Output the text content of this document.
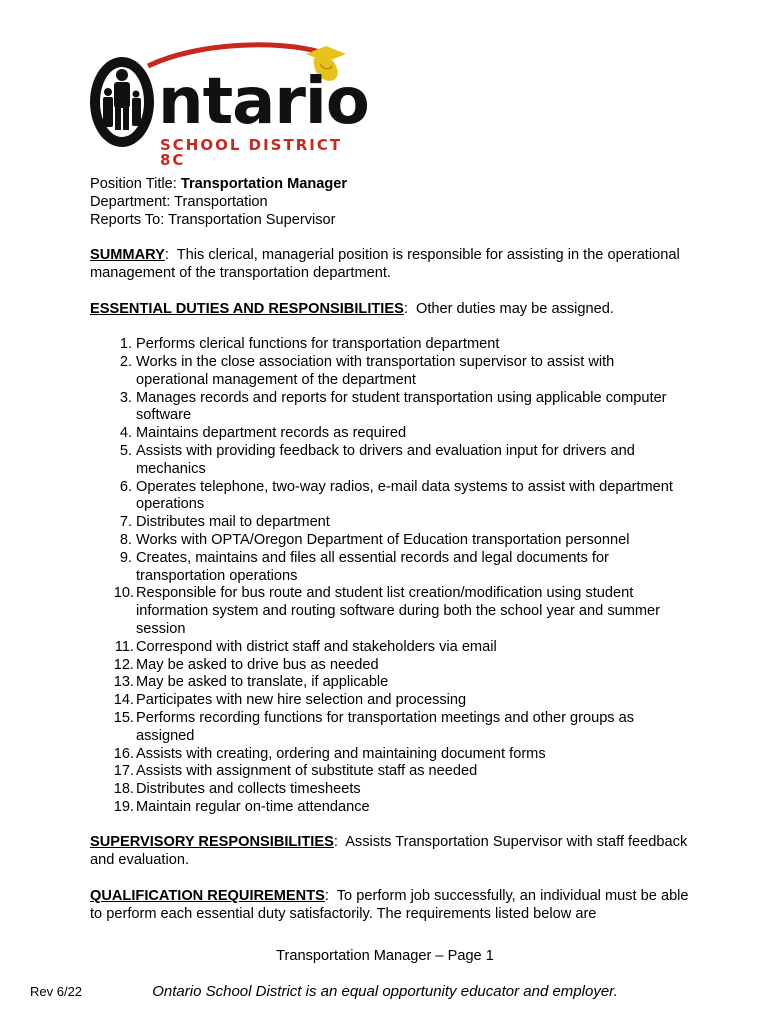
ntario
SCHOOL DISTRICT 8C

Position Title: Transportation Manager

Department: Transportation

Reports To: Transportation Supervisor

SUMMARY:  This clerical, managerial position is responsible for assisting in the operational management of the transportation department.

ESSENTIAL DUTIES AND RESPONSIBILITIES:  Other duties may be assigned.

1. Performs clerical functions for transportation department
2. Works in the close association with transportation supervisor to assist with operational management of the department
3. Manages records and reports for student transportation using applicable computer software
4. Maintains department records as required
5. Assists with providing feedback to drivers and evaluation input for drivers and mechanics
6. Operates telephone, two-way radios, e-mail data systems to assist with department operations
7. Distributes mail to department
8. Works with OPTA/Oregon Department of Education transportation personnel
9. Creates, maintains and files all essential records and legal documents for transportation operations
10. Responsible for bus route and student list creation/modification using student information system and routing software during both the school year and summer session
11. Correspond with district staff and stakeholders via email
12. May be asked to drive bus as needed
13. May be asked to translate, if applicable
14. Participates with new hire selection and processing
15. Performs recording functions for transportation meetings and other groups as assigned
16. Assists with creating, ordering and maintaining document forms
17. Assists with assignment of substitute staff as needed
18. Distributes and collects timesheets
19. Maintain regular on-time attendance

SUPERVISORY RESPONSIBILITIES:  Assists Transportation Supervisor with staff feedback and evaluation.

QUALIFICATION REQUIREMENTS:  To perform job successfully, an individual must be able to perform each essential duty satisfactorily. The requirements listed below are

Transportation Manager – Page 1
Rev 6/22	Ontario School District is an equal opportunity educator and employer.
